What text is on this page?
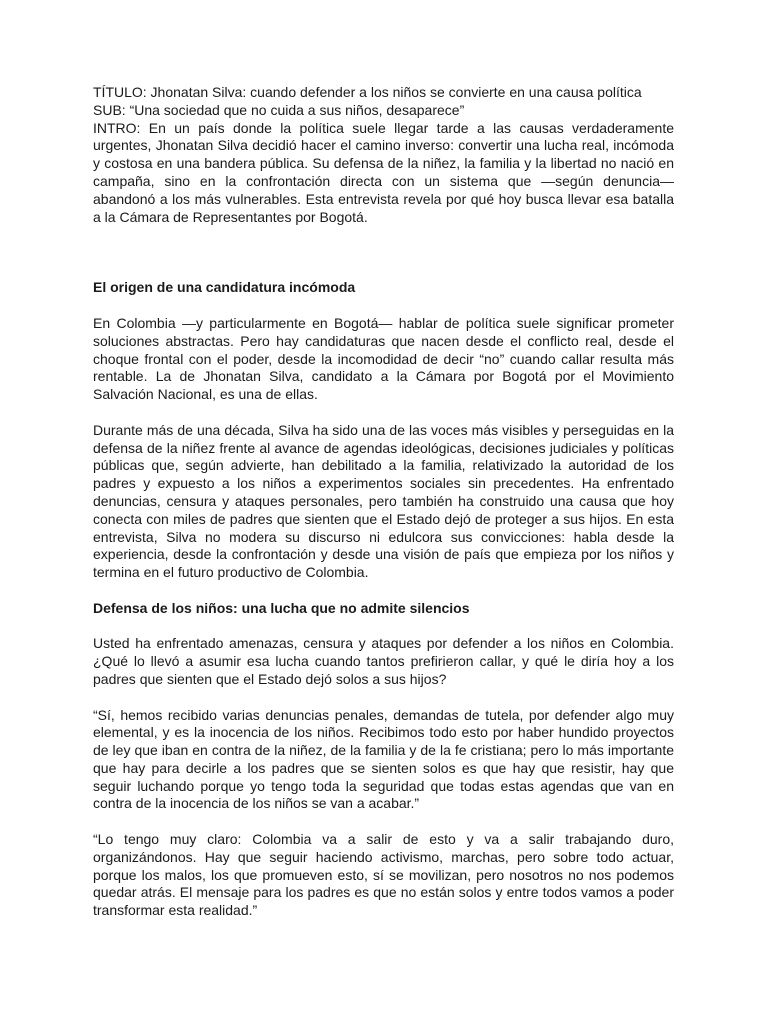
TÍTULO: Jhonatan Silva: cuando defender a los niños se convierte en una causa política
SUB: “Una sociedad que no cuida a sus niños, desaparece”

INTRO: En un país donde la política suele llegar tarde a las causas verdaderamente urgentes, Jhonatan Silva decidió hacer el camino inverso: convertir una lucha real, incómoda y costosa en una bandera pública. Su defensa de la niñez, la familia y la libertad no nació en campaña, sino en la confrontación directa con un sistema que —según denuncia— abandonó a los más vulnerables. Esta entrevista revela por qué hoy busca llevar esa batalla a la Cámara de Representantes por Bogotá.

El origen de una candidatura incómoda

En Colombia —y particularmente en Bogotá— hablar de política suele significar prometer soluciones abstractas. Pero hay candidaturas que nacen desde el conflicto real, desde el choque frontal con el poder, desde la incomodidad de decir “no” cuando callar resulta más rentable. La de Jhonatan Silva, candidato a la Cámara por Bogotá por el Movimiento Salvación Nacional, es una de ellas.

Durante más de una década, Silva ha sido una de las voces más visibles y perseguidas en la defensa de la niñez frente al avance de agendas ideológicas, decisiones judiciales y políticas públicas que, según advierte, han debilitado a la familia, relativizado la autoridad de los padres y expuesto a los niños a experimentos sociales sin precedentes. Ha enfrentado denuncias, censura y ataques personales, pero también ha construido una causa que hoy conecta con miles de padres que sienten que el Estado dejó de proteger a sus hijos. En esta entrevista, Silva no modera su discurso ni edulcora sus convicciones: habla desde la experiencia, desde la confrontación y desde una visión de país que empieza por los niños y termina en el futuro productivo de Colombia.

Defensa de los niños: una lucha que no admite silencios

Usted ha enfrentado amenazas, censura y ataques por defender a los niños en Colombia. ¿Qué lo llevó a asumir esa lucha cuando tantos prefirieron callar, y qué le diría hoy a los padres que sienten que el Estado dejó solos a sus hijos?

“Sí, hemos recibido varias denuncias penales, demandas de tutela, por defender algo muy elemental, y es la inocencia de los niños. Recibimos todo esto por haber hundido proyectos de ley que iban en contra de la niñez, de la familia y de la fe cristiana; pero lo más importante que hay para decirle a los padres que se sienten solos es que hay que resistir, hay que seguir luchando porque yo tengo toda la seguridad que todas estas agendas que van en contra de la inocencia de los niños se van a acabar.”

“Lo tengo muy claro: Colombia va a salir de esto y va a salir trabajando duro, organizándonos. Hay que seguir haciendo activismo, marchas, pero sobre todo actuar, porque los malos, los que promueven esto, sí se movilizan, pero nosotros no nos podemos quedar atrás. El mensaje para los padres es que no están solos y entre todos vamos a poder transformar esta realidad.”
